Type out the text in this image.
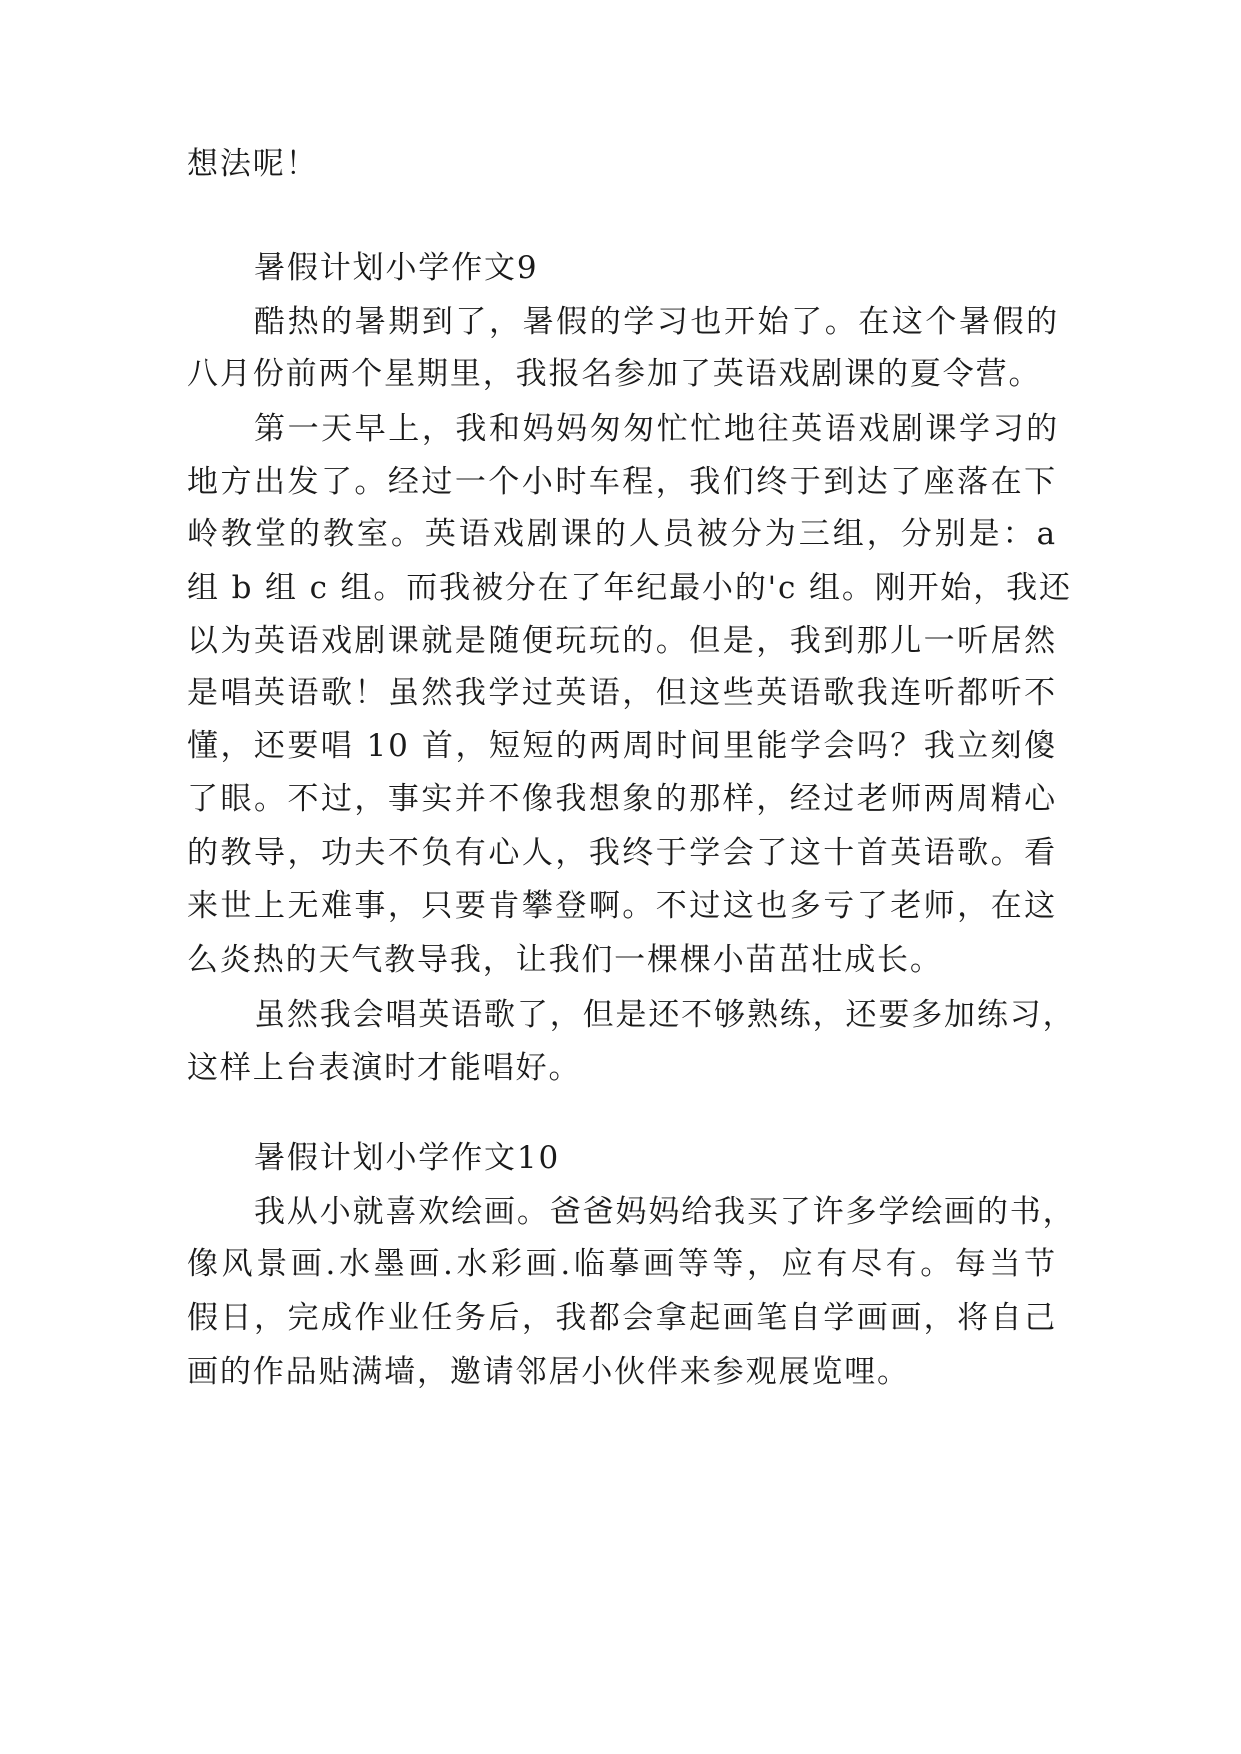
想法呢！

暑假计划小学作文9

酷热的暑期到了，暑假的学习也开始了。在这个暑假的

八月份前两个星期里，我报名参加了英语戏剧课的夏令营。

第一天早上，我和妈妈匆匆忙忙地往英语戏剧课学习的

地方出发了。经过一个小时车程，我们终于到达了座落在下

岭教堂的教室。英语戏剧课的人员被分为三组，分别是：a

组 b 组 c 组。而我被分在了年纪最小的'c 组。刚开始，我还

以为英语戏剧课就是随便玩玩的。但是，我到那儿一听居然

是唱英语歌！虽然我学过英语，但这些英语歌我连听都听不

懂，还要唱 10 首，短短的两周时间里能学会吗？我立刻傻

了眼。不过，事实并不像我想象的那样，经过老师两周精心

的教导，功夫不负有心人，我终于学会了这十首英语歌。看

来世上无难事，只要肯攀登啊。不过这也多亏了老师，在这

么炎热的天气教导我，让我们一棵棵小苗茁壮成长。

虽然我会唱英语歌了，但是还不够熟练，还要多加练习，

这样上台表演时才能唱好。

暑假计划小学作文10

我从小就喜欢绘画。爸爸妈妈给我买了许多学绘画的书，

像风景画.水墨画.水彩画.临摹画等等，应有尽有。每当节

假日，完成作业任务后，我都会拿起画笔自学画画，将自己

画的作品贴满墙，邀请邻居小伙伴来参观展览哩。
